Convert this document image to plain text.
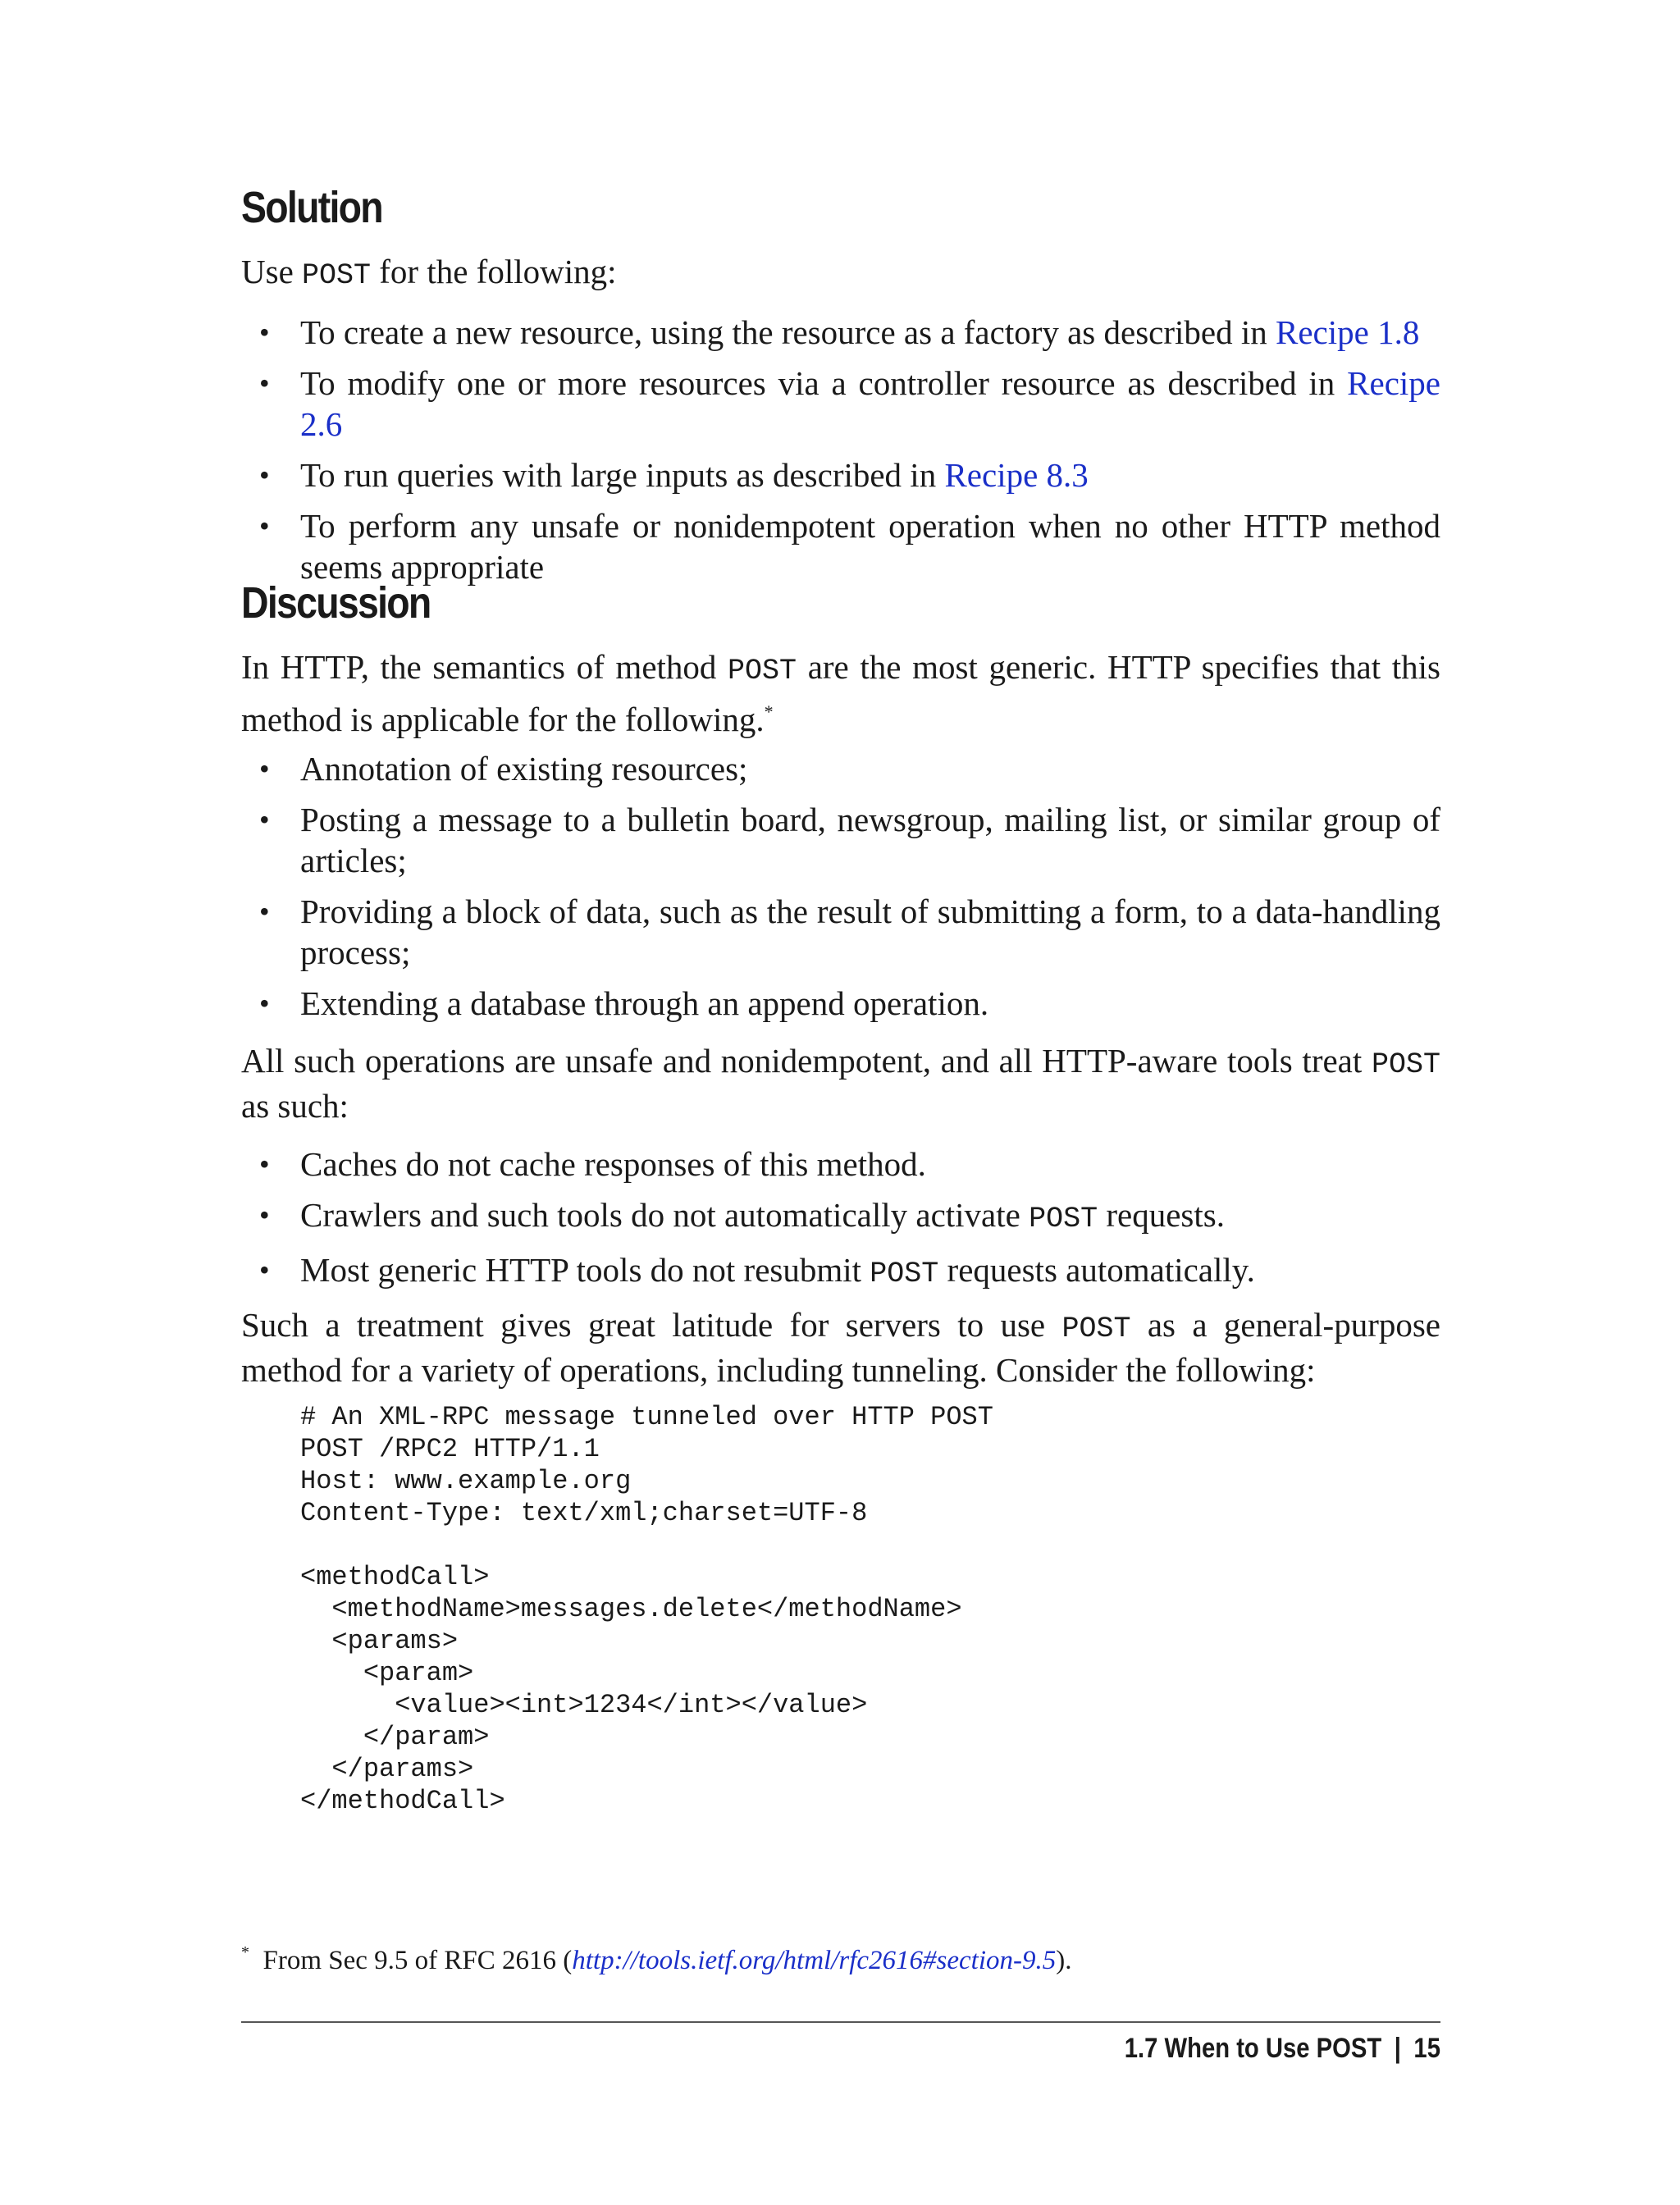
Solution

Use POST for the following:

• To create a new resource, using the resource as a factory as described in Recipe 1.8
• To modify one or more resources via a controller resource as described in Recipe 2.6
• To run queries with large inputs as described in Recipe 8.3
• To perform any unsafe or nonidempotent operation when no other HTTP method seems appropriate
Discussion

In HTTP, the semantics of method POST are the most generic. HTTP specifies that this method is applicable for the following.*

• Annotation of existing resources;
• Posting a message to a bulletin board, newsgroup, mailing list, or similar group of articles;
• Providing a block of data, such as the result of submitting a form, to a data-handling process;
• Extending a database through an append operation.

All such operations are unsafe and nonidempotent, and all HTTP-aware tools treat POST as such:

• Caches do not cache responses of this method.
• Crawlers and such tools do not automatically activate POST requests.
• Most generic HTTP tools do not resubmit POST requests automatically.

Such a treatment gives great latitude for servers to use POST as a general-purpose method for a variety of operations, including tunneling. Consider the following:

# An XML-RPC message tunneled over HTTP POST
POST /RPC2 HTTP/1.1
Host: www.example.org
Content-Type: text/xml;charset=UTF-8

<methodCall>
<methodName>messages.delete</methodName>
<params>
<param>
<value><int>1234</int></value>
</param>
</params>
</methodCall>

* From Sec 9.5 of RFC 2616 (http://tools.ietf.org/html/rfc2616#section-9.5).

1.7 When to Use POST | 15
